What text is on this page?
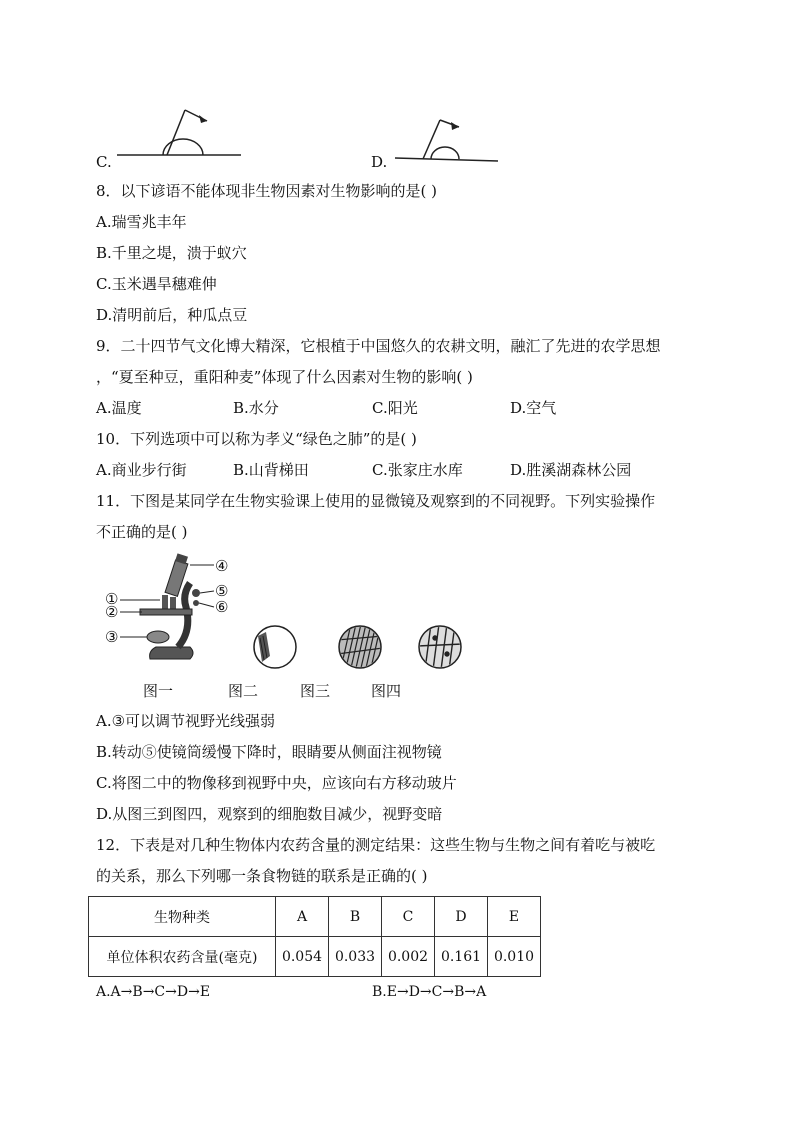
C.	D.
8．以下谚语不能体现非生物因素对生物影响的是( )
A.瑞雪兆丰年
B.千里之堤，溃于蚁穴
C.玉米遇旱穗难伸
D.清明前后，种瓜点豆
9．二十四节气文化博大精深，它根植于中国悠久的农耕文明，融汇了先进的农学思想
，“夏至种豆，重阳种麦”体现了什么因素对生物的影响( )
A.温度	B.水分	C.阳光	D.空气
10．下列选项中可以称为孝义“绿色之肺”的是( )
A.商业步行街	B.山背梯田	C.张家庄水库	D.胜溪湖森林公园
11．下图是某同学在生物实验课上使用的显微镜及观察到的不同视野。下列实验操作
不正确的是( )
④
⑤
⑥
①
②
③
图一	图二	图三	图四
A.③可以调节视野光线强弱
B.转动⑤使镜筒缓慢下降时，眼睛要从侧面注视物镜
C.将图二中的物像移到视野中央，应该向右方移动玻片
D.从图三到图四，观察到的细胞数目减少，视野变暗
12．下表是对几种生物体内农药含量的测定结果：这些生物与生物之间有着吃与被吃
的关系，那么下列哪一条食物链的联系是正确的( )
生物种类	A	B	C	D	E
单位体积农药含量(毫克)	0.054	0.033	0.002	0.161	0.010
A.A→B→C→D→E	B.E→D→C→B→A
